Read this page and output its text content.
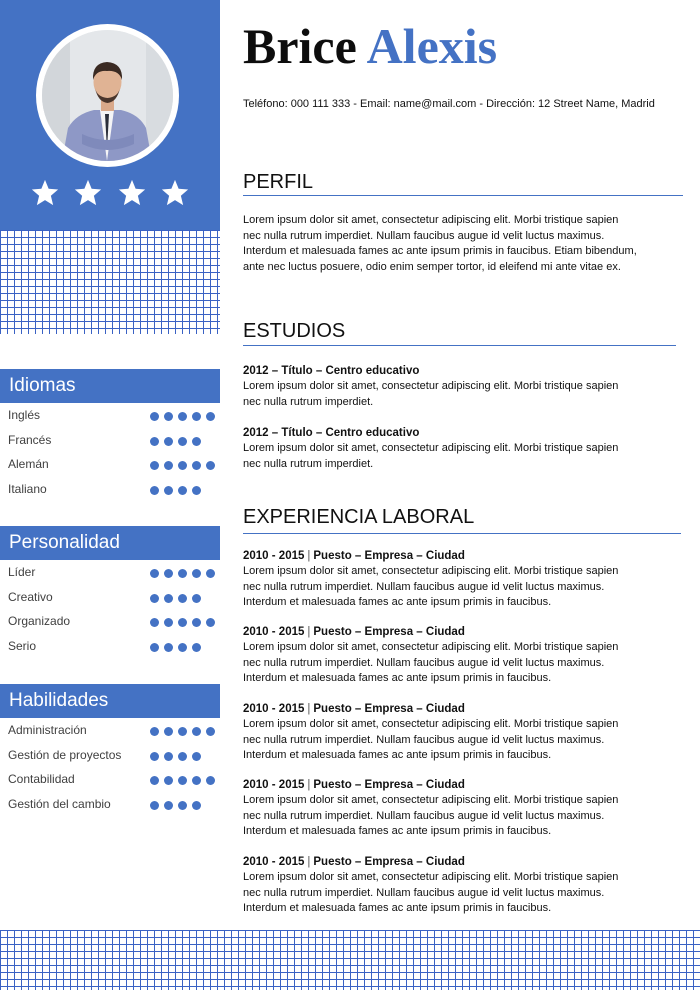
Idiomas
Inglés
Francés
Alemán
Italiano
Personalidad
Líder
Creativo
Organizado
Serio
Habilidades
Administración
Gestión de proyectos
Contabilidad
Gestión del cambio
Brice Alexis
Teléfono: 000 111 333 - Email: name@mail.com - Dirección: 12 Street Name, Madrid
PERFIL
Lorem ipsum dolor sit amet, consectetur adipiscing elit. Morbi tristique sapien nec nulla rutrum imperdiet. Nullam faucibus augue id velit luctus maximus. Interdum et malesuada fames ac ante ipsum primis in faucibus. Etiam bibendum, ante nec luctus posuere, odio enim semper tortor, id eleifend mi ante vitae ex.
ESTUDIOS
2012 – Título – Centro educativo
Lorem ipsum dolor sit amet, consectetur adipiscing elit. Morbi tristique sapien nec nulla rutrum imperdiet.
2012 – Título – Centro educativo
Lorem ipsum dolor sit amet, consectetur adipiscing elit. Morbi tristique sapien nec nulla rutrum imperdiet.
EXPERIENCIA LABORAL
2010 - 2015 | Puesto – Empresa – Ciudad
Lorem ipsum dolor sit amet, consectetur adipiscing elit. Morbi tristique sapien nec nulla rutrum imperdiet. Nullam faucibus augue id velit luctus maximus. Interdum et malesuada fames ac ante ipsum primis in faucibus.
2010 - 2015 | Puesto – Empresa – Ciudad
Lorem ipsum dolor sit amet, consectetur adipiscing elit. Morbi tristique sapien nec nulla rutrum imperdiet. Nullam faucibus augue id velit luctus maximus. Interdum et malesuada fames ac ante ipsum primis in faucibus.
2010 - 2015 | Puesto – Empresa – Ciudad
Lorem ipsum dolor sit amet, consectetur adipiscing elit. Morbi tristique sapien nec nulla rutrum imperdiet. Nullam faucibus augue id velit luctus maximus. Interdum et malesuada fames ac ante ipsum primis in faucibus.
2010 - 2015 | Puesto – Empresa – Ciudad
Lorem ipsum dolor sit amet, consectetur adipiscing elit. Morbi tristique sapien nec nulla rutrum imperdiet. Nullam faucibus augue id velit luctus maximus. Interdum et malesuada fames ac ante ipsum primis in faucibus.
2010 - 2015 | Puesto – Empresa – Ciudad
Lorem ipsum dolor sit amet, consectetur adipiscing elit. Morbi tristique sapien nec nulla rutrum imperdiet. Nullam faucibus augue id velit luctus maximus. Interdum et malesuada fames ac ante ipsum primis in faucibus.
